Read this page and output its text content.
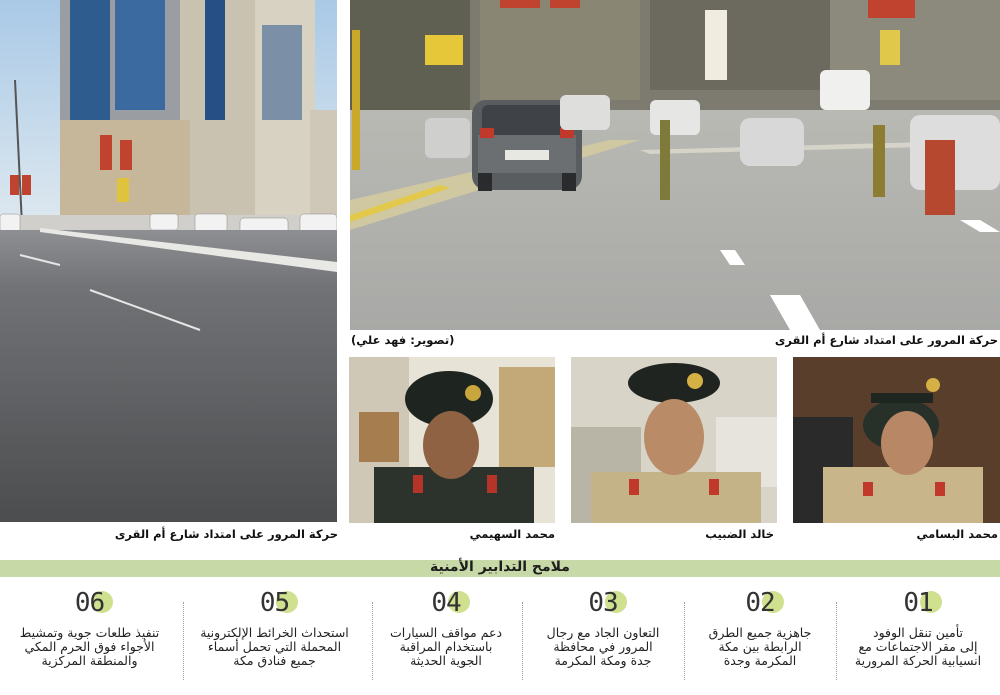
حركة المرور على امتداد شارع أم القرى
(تصوير: فهد علي)
محمد البسامي
خالد الضبيب
محمد السهيمي
حركة المرور على امتداد شارع أم القرى
ملامح التدابير الأمنية
01
تأمين تنقل الوفود
إلى مقر الاجتماعات مع
انسيابية الحركة المرورية
02
جاهزية جميع الطرق
الرابطة بين مكة
المكرمة وجدة
03
التعاون الجاد مع رجال
المرور في محافظة
جدة ومكة المكرمة
04
دعم مواقف السيارات
باستخدام المراقبة
الجوية الحديثة
05
استحداث الخرائط الإلكترونية
المحملة التي تحمل أسماء
جميع فنادق مكة
06
تنفيذ طلعات جوية وتمشيط
الأجواء فوق الحرم المكي
والمنطقة المركزية
